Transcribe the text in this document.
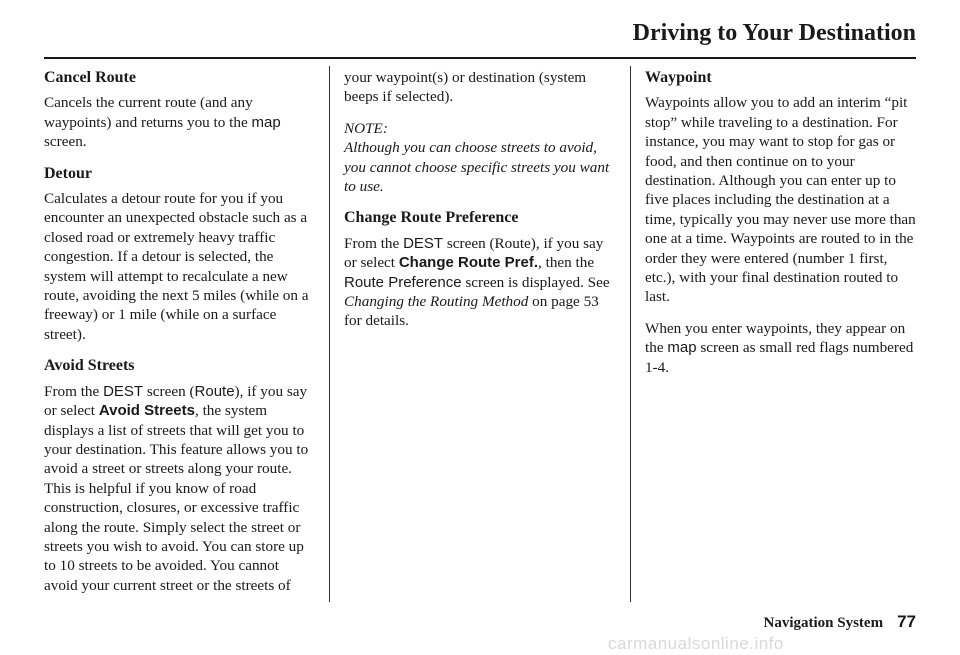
Driving to Your Destination
Cancel Route

Cancels the current route (and any waypoints) and returns you to the map screen.

Detour

Calculates a detour route for you if you encounter an unexpected obstacle such as a closed road or extremely heavy traffic congestion. If a detour is selected, the system will attempt to recalculate a new route, avoiding the next 5 miles (while on a freeway) or 1 mile (while on a surface street).

Avoid Streets

From the DEST screen (Route), if you say or select Avoid Streets, the system displays a list of streets that will get you to your destination. This feature allows you to avoid a street or streets along your route. This is helpful if you know of road construction, closures, or excessive traffic along the route. Simply select the street or streets you wish to avoid. You can store up to 10 streets to be avoided. You cannot avoid your current street or the streets of

your waypoint(s) or destination (system beeps if selected).

NOTE:

Although you can choose streets to avoid, you cannot choose specific streets you want to use.

Change Route Preference

From the DEST screen (Route), if you say or select Change Route Pref., then the Route Preference screen is displayed. See Changing the Routing Method on page 53 for details.

Waypoint

Waypoints allow you to add an interim “pit stop” while traveling to a destination. For instance, you may want to stop for gas or food, and then continue on to your destination. Although you can enter up to five places including the destination at a time, typically you may never use more than one at a time. Waypoints are routed to in the order they were entered (number 1 first, etc.), with your final destination routed to last.

When you enter waypoints, they appear on the map screen as small red flags numbered 1-4.

Navigation System 77
carmanualsonline.info
